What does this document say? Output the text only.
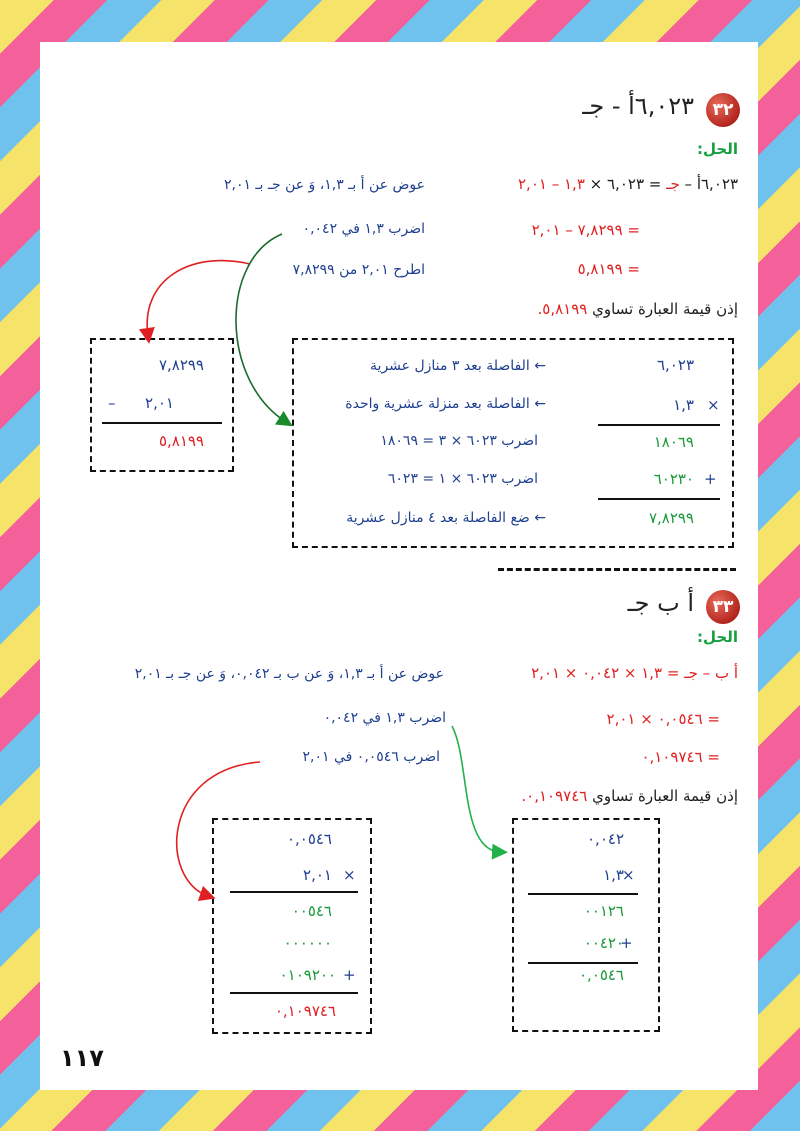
٣٢
٦,٠٢٣أ - جـ
الحل:
٦,٠٢٣أ – جـ = ٦,٠٢٣ × ١,٣ – ٢,٠١
عوض عن أ بـ ١,٣، وَ عن جـ بـ ٢,٠١
= ٧,٨٢٩٩ – ٢,٠١
اضرب ١,٣ في ٠,٠٤٢
= ٥,٨١٩٩
اطرح ٢,٠١ من ٧,٨٢٩٩
إذن قيمة العبارة تساوي ٥,٨١٩٩.
٧,٨٢٩٩
– ٢,٠١
٥,٨١٩٩
٦,٠٢٣
×
١,٣
١٨٠٦٩
+
٦٠٢٣٠
٧,٨٢٩٩
← الفاصلة بعد ٣ منازل عشرية
← الفاصلة بعد منزلة عشرية واحدة
اضرب ٦٠٢٣ × ٣ = ١٨٠٦٩
اضرب ٦٠٢٣ × ١ = ٦٠٢٣
← ضع الفاصلة بعد ٤ منازل عشرية
٣٣
أ ب جـ
الحل:
أ ب – جـ = ١,٣ × ٠,٠٤٢ × ٢,٠١
عوض عن أ بـ ١,٣، وَ عن ب بـ ٠,٠٤٢، وَ عن جـ بـ ٢,٠١
= ٠,٠٥٤٦ × ٢,٠١
اضرب ١,٣ في ٠,٠٤٢
= ٠,١٠٩٧٤٦
اضرب ٠,٠٥٤٦ في ٢,٠١
إذن قيمة العبارة تساوي ٠,١٠٩٧٤٦.
٠,٠٥٤٦
×
٢,٠١
٠٠٥٤٦
٠٠٠٠٠٠
+
٠١٠٩٢٠٠
٠,١٠٩٧٤٦
٠,٠٤٢
×
١,٣
٠٠١٢٦
+
٠٠٤٢٠
٠,٠٥٤٦
١١٧
